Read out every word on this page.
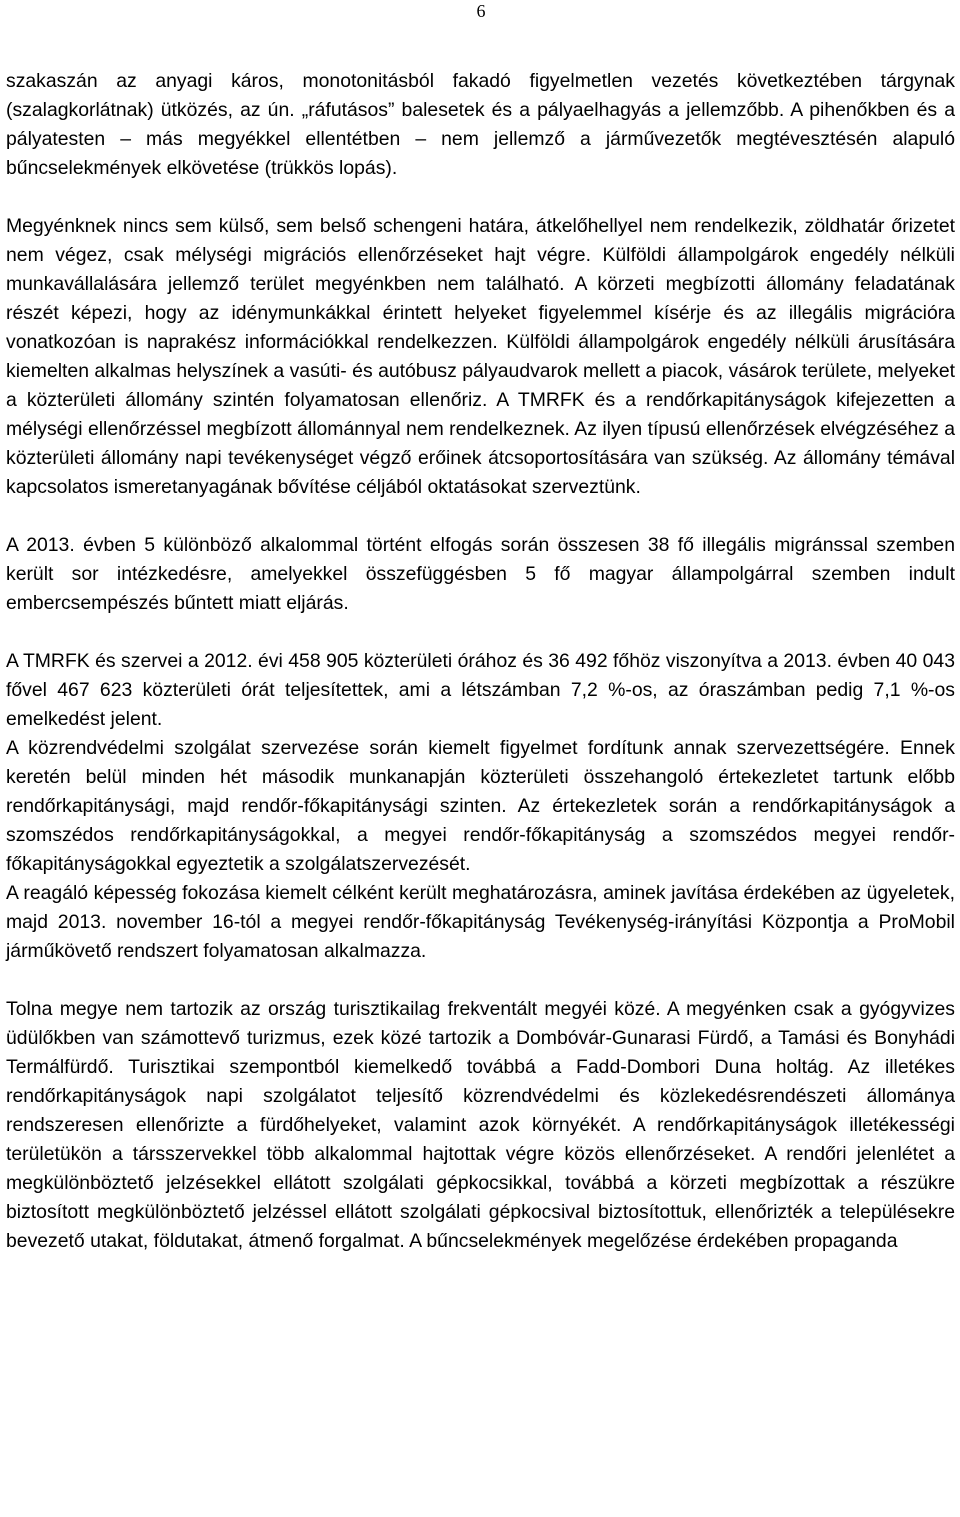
6

szakaszán az anyagi káros, monotonitásból fakadó figyelmetlen vezetés következtében tárgynak (szalagkorlátnak) ütközés, az ún. „ráfutásos” balesetek és a pályaelhagyás a jellemzőbb. A pihenőkben és a pályatesten – más megyékkel ellentétben – nem jellemző a járművezetők megtévesztésén alapuló bűncselekmények elkövetése (trükkös lopás).

Megyénknek nincs sem külső, sem belső schengeni határa, átkelőhellyel nem rendelkezik, zöldhatár őrizetet nem végez, csak mélységi migrációs ellenőrzéseket hajt végre. Külföldi állampolgárok engedély nélküli munkavállalására jellemző terület megyénkben nem található. A körzeti megbízotti állomány feladatának részét képezi, hogy az idénymunkákkal érintett helyeket figyelemmel kísérje és az illegális migrációra vonatkozóan is naprakész információkkal rendelkezzen. Külföldi állampolgárok engedély nélküli árusítására kiemelten alkalmas helyszínek a vasúti- és autóbusz pályaudvarok mellett a piacok, vásárok területe, melyeket a közterületi állomány szintén folyamatosan ellenőriz. A TMRFK és a rendőrkapitányságok kifejezetten a mélységi ellenőrzéssel megbízott állománnyal nem rendelkeznek. Az ilyen típusú ellenőrzések elvégzéséhez a közterületi állomány napi tevékenységet végző erőinek átcsoportosítására van szükség. Az állomány témával kapcsolatos ismeretanyagának bővítése céljából oktatásokat szerveztünk.

A 2013. évben 5 különböző alkalommal történt elfogás során összesen 38 fő illegális migránssal szemben került sor intézkedésre, amelyekkel összefüggésben 5 fő magyar állampolgárral szemben indult embercsempészés bűntett miatt eljárás.

A TMRFK és szervei a 2012. évi 458 905 közterületi órához és 36 492 főhöz viszonyítva a 2013. évben 40 043 fővel 467 623 közterületi órát teljesítettek, ami a létszámban 7,2 %-os, az óraszámban pedig 7,1 %-os emelkedést jelent.

A közrendvédelmi szolgálat szervezése során kiemelt figyelmet fordítunk annak szervezettségére. Ennek keretén belül minden hét második munkanapján közterületi összehangoló értekezletet tartunk előbb rendőrkapitánysági, majd rendőr-főkapitánysági szinten. Az értekezletek során a rendőrkapitányságok a szomszédos rendőrkapitányságokkal, a megyei rendőr-főkapitányság a szomszédos megyei rendőr-főkapitányságokkal egyeztetik a szolgálatszervezését.

A reagáló képesség fokozása kiemelt célként került meghatározásra, aminek javítása érdekében az ügyeletek, majd 2013. november 16-tól a megyei rendőr-főkapitányság Tevékenység-irányítási Központja a ProMobil járműkövető rendszert folyamatosan alkalmazza.

Tolna megye nem tartozik az ország turisztikailag frekventált megyéi közé. A megyénken csak a gyógyvizes üdülőkben van számottevő turizmus, ezek közé tartozik a Dombóvár-Gunarasi Fürdő, a Tamási és Bonyhádi Termálfürdő. Turisztikai szempontból kiemelkedő továbbá a Fadd-Dombori Duna holtág. Az illetékes rendőrkapitányságok napi szolgálatot teljesítő közrendvédelmi és közlekedésrendészeti állománya rendszeresen ellenőrizte a fürdőhelyeket, valamint azok környékét. A rendőrkapitányságok illetékességi területükön a társszervekkel több alkalommal hajtottak végre közös ellenőrzéseket. A rendőri jelenlétet a megkülönböztető jelzésekkel ellátott szolgálati gépkocsikkal, továbbá a körzeti megbízottak a részükre biztosított megkülönböztető jelzéssel ellátott szolgálati gépkocsival biztosítottuk, ellenőrizték a településekre bevezető utakat, földutakat, átmenő forgalmat. A bűncselekmények megelőzése érdekében propaganda
